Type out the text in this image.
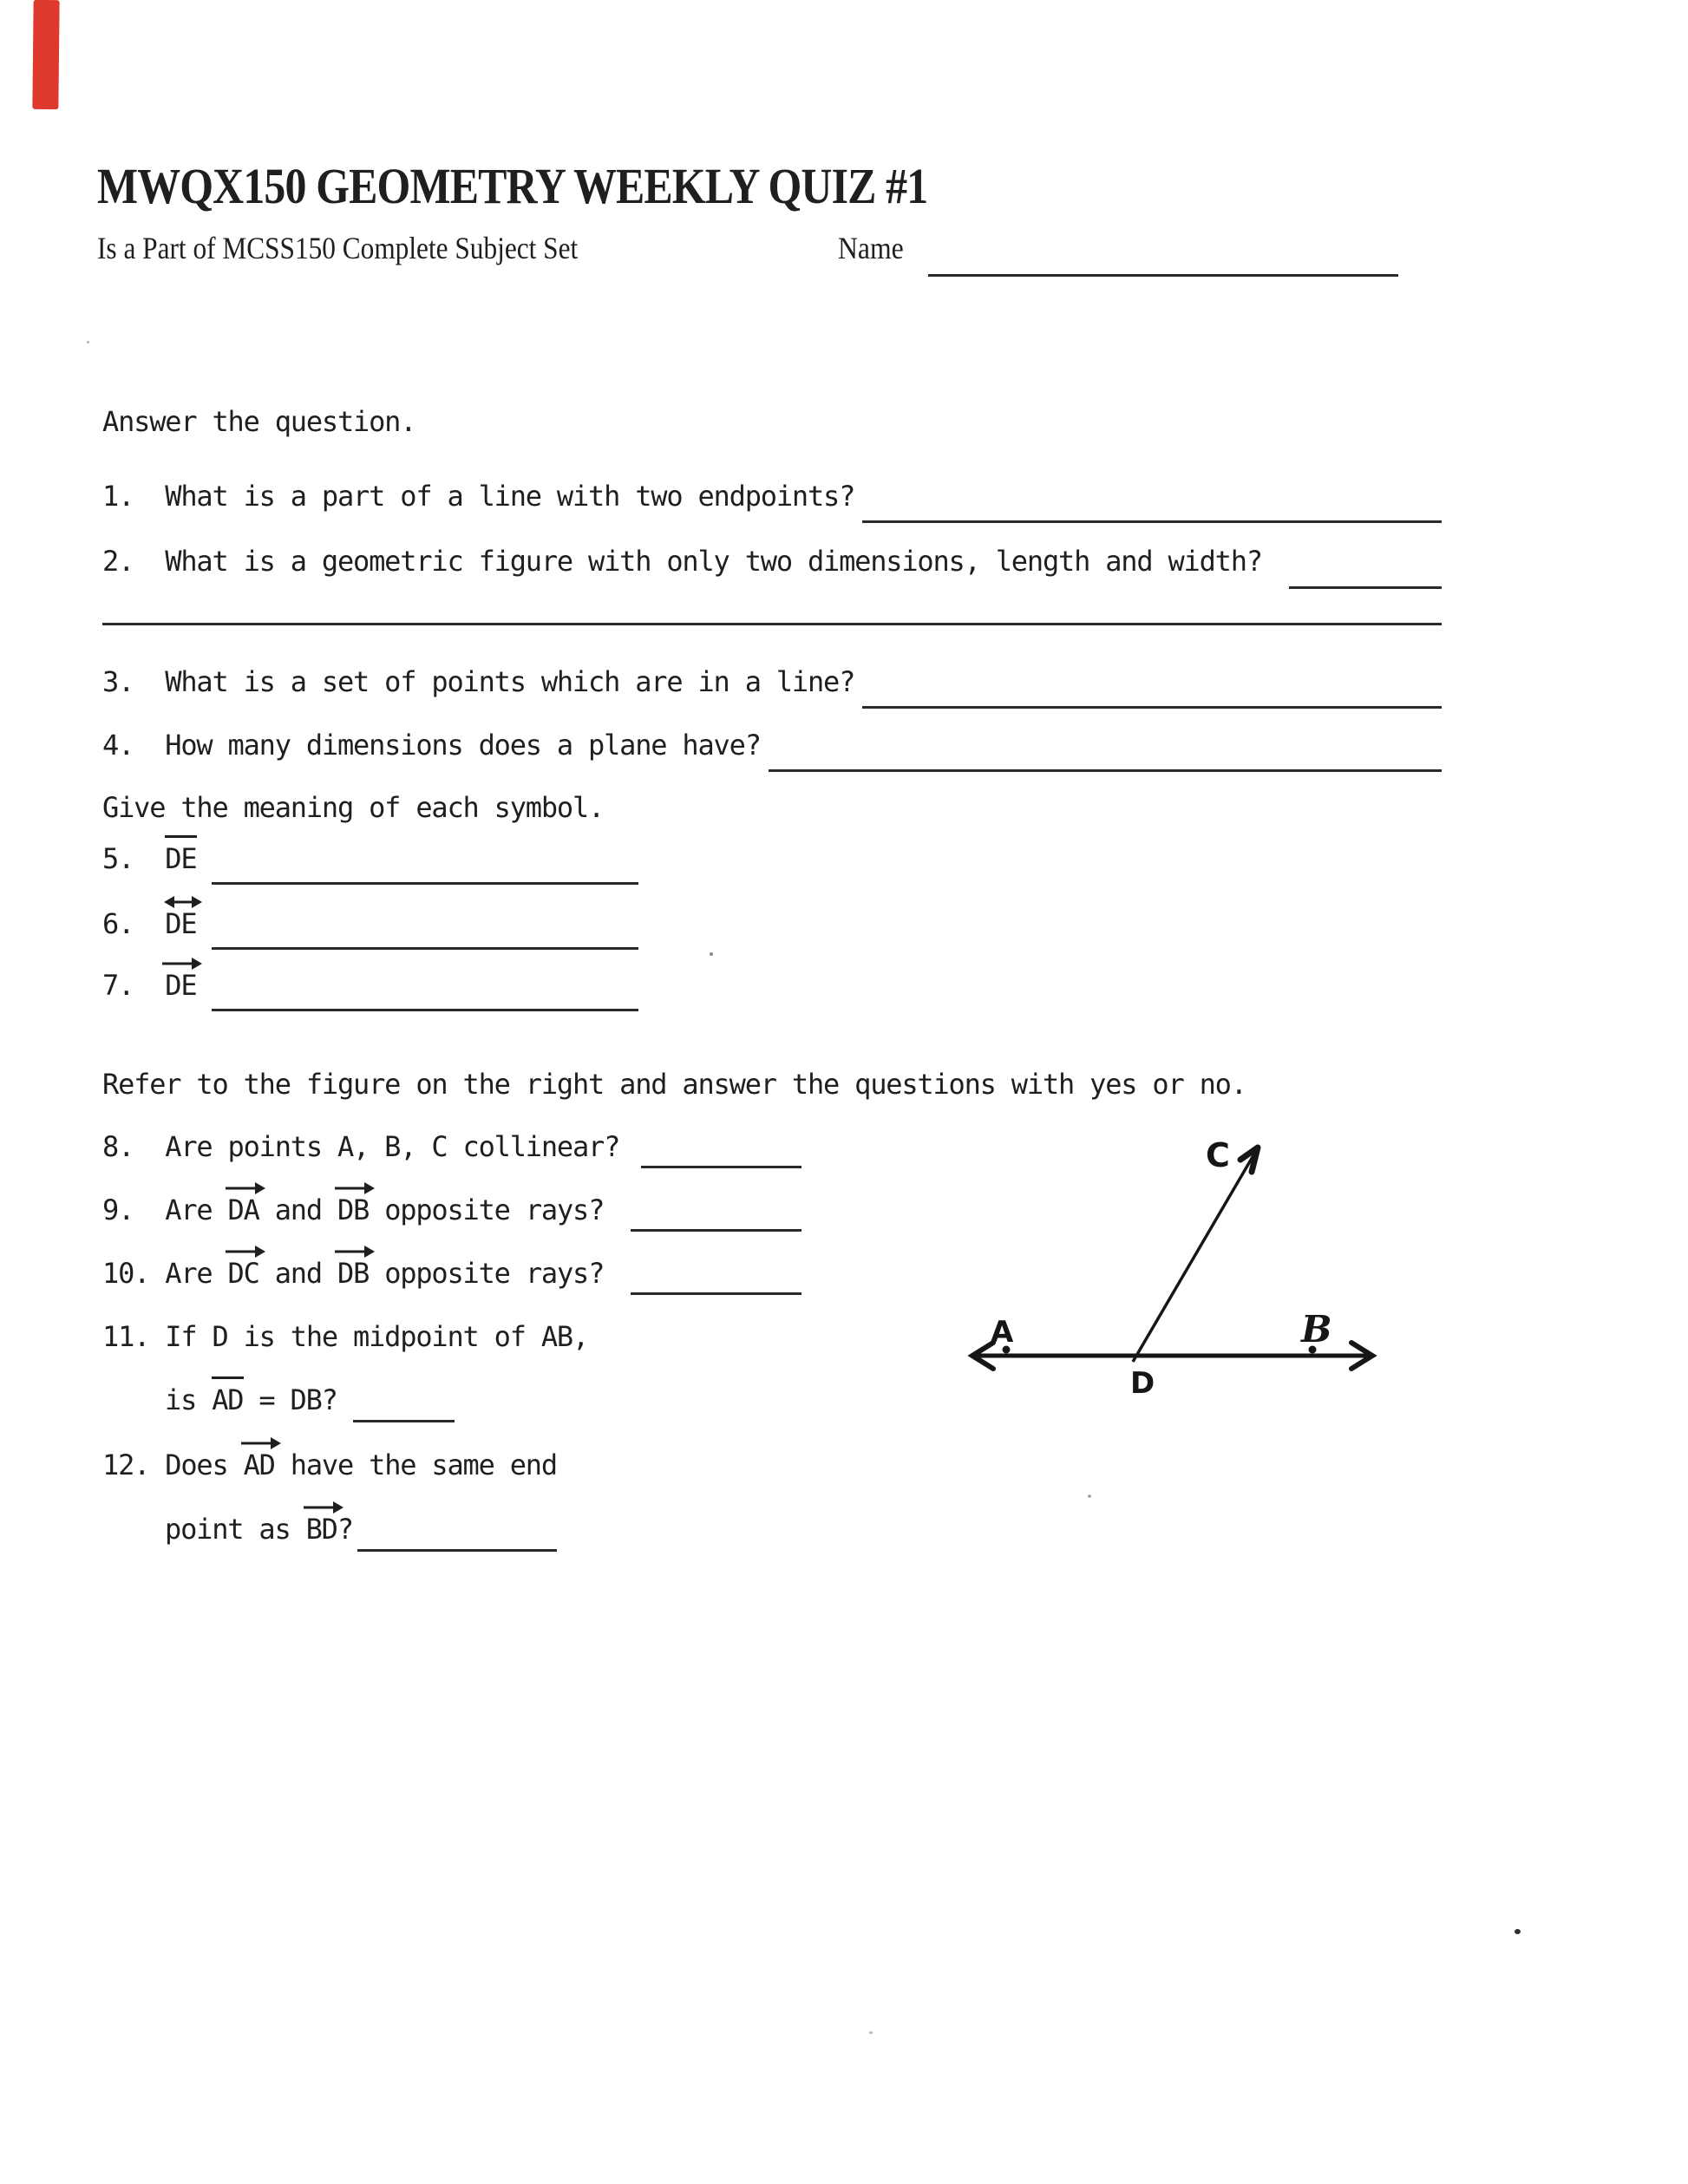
MWQX150 GEOMETRY WEEKLY QUIZ #1
Is a Part of MCSS150 Complete Subject Set	Name
Answer the question.
1.  What is a part of a line with two endpoints?
2.  What is a geometric figure with only two dimensions, length and width?
3.  What is a set of points which are in a line?
4.  How many dimensions does a plane have?
Give the meaning of each symbol.
5.  DE
6.
DE
7.
DE
Refer to the figure on the right and answer the questions with yes or no.
8.  Are points A, B, C collinear?
9.  Are
DA and
DB opposite rays?
10. Are
DC and
DB opposite rays?
11. If D is the midpoint of AB,
is AD = DB?
12. Does
AD have the same end
point as
BD?
A	B
C
D
